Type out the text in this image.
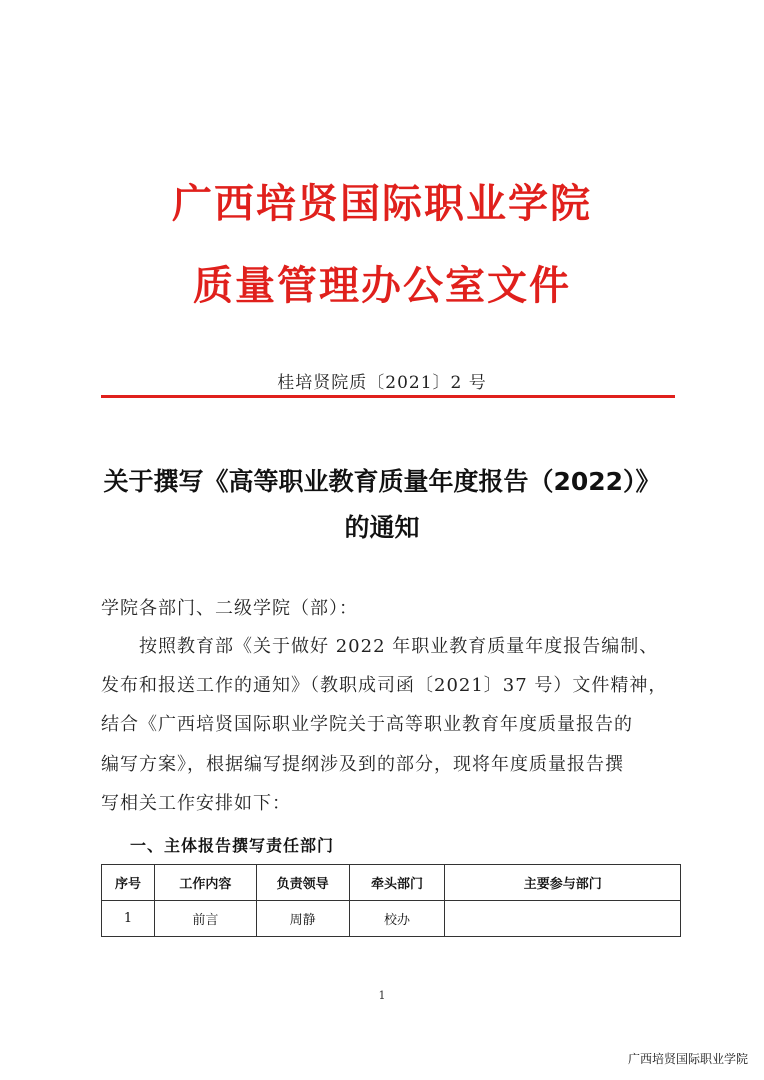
广西培贤国际职业学院
质量管理办公室文件
桂培贤院质〔2021〕2 号
关于撰写《高等职业教育质量年度报告（2022）》
的通知
学院各部门、二级学院（部）：
按照教育部《关于做好 2022 年职业教育质量年度报告编制、
发布和报送工作的通知》（教职成司函〔2021〕37 号）文件精神，
结合《广西培贤国际职业学院关于高等职业教育年度质量报告的
编写方案》，根据编写提纲涉及到的部分，现将年度质量报告撰
写相关工作安排如下：
一、主体报告撰写责任部门
序号	工作内容	负责领导	牵头部门	主要参与部门
1	前言	周静	校办	
1
广西培贤国际职业学院
